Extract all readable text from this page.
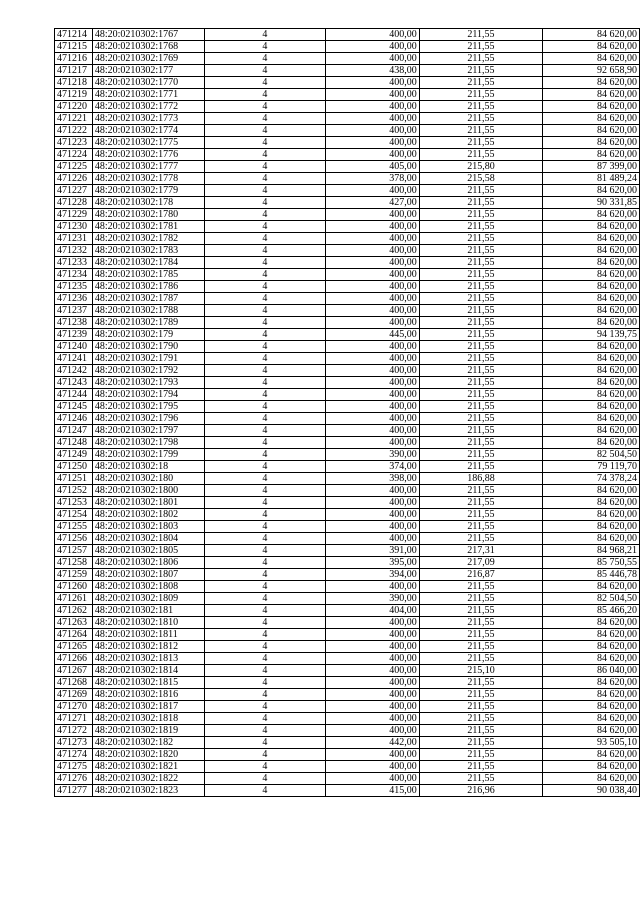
471214	48:20:0210302:1767	4	400,00	211,55	84 620,00
471215	48:20:0210302:1768	4	400,00	211,55	84 620,00
471216	48:20:0210302:1769	4	400,00	211,55	84 620,00
471217	48:20:0210302:177	4	438,00	211,55	92 658,90
471218	48:20:0210302:1770	4	400,00	211,55	84 620,00
471219	48:20:0210302:1771	4	400,00	211,55	84 620,00
471220	48:20:0210302:1772	4	400,00	211,55	84 620,00
471221	48:20:0210302:1773	4	400,00	211,55	84 620,00
471222	48:20:0210302:1774	4	400,00	211,55	84 620,00
471223	48:20:0210302:1775	4	400,00	211,55	84 620,00
471224	48:20:0210302:1776	4	400,00	211,55	84 620,00
471225	48:20:0210302:1777	4	405,00	215,80	87 399,00
471226	48:20:0210302:1778	4	378,00	215,58	81 489,24
471227	48:20:0210302:1779	4	400,00	211,55	84 620,00
471228	48:20:0210302:178	4	427,00	211,55	90 331,85
471229	48:20:0210302:1780	4	400,00	211,55	84 620,00
471230	48:20:0210302:1781	4	400,00	211,55	84 620,00
471231	48:20:0210302:1782	4	400,00	211,55	84 620,00
471232	48:20:0210302:1783	4	400,00	211,55	84 620,00
471233	48:20:0210302:1784	4	400,00	211,55	84 620,00
471234	48:20:0210302:1785	4	400,00	211,55	84 620,00
471235	48:20:0210302:1786	4	400,00	211,55	84 620,00
471236	48:20:0210302:1787	4	400,00	211,55	84 620,00
471237	48:20:0210302:1788	4	400,00	211,55	84 620,00
471238	48:20:0210302:1789	4	400,00	211,55	84 620,00
471239	48:20:0210302:179	4	445,00	211,55	94 139,75
471240	48:20:0210302:1790	4	400,00	211,55	84 620,00
471241	48:20:0210302:1791	4	400,00	211,55	84 620,00
471242	48:20:0210302:1792	4	400,00	211,55	84 620,00
471243	48:20:0210302:1793	4	400,00	211,55	84 620,00
471244	48:20:0210302:1794	4	400,00	211,55	84 620,00
471245	48:20:0210302:1795	4	400,00	211,55	84 620,00
471246	48:20:0210302:1796	4	400,00	211,55	84 620,00
471247	48:20:0210302:1797	4	400,00	211,55	84 620,00
471248	48:20:0210302:1798	4	400,00	211,55	84 620,00
471249	48:20:0210302:1799	4	390,00	211,55	82 504,50
471250	48:20:0210302:18	4	374,00	211,55	79 119,70
471251	48:20:0210302:180	4	398,00	186,88	74 378,24
471252	48:20:0210302:1800	4	400,00	211,55	84 620,00
471253	48:20:0210302:1801	4	400,00	211,55	84 620,00
471254	48:20:0210302:1802	4	400,00	211,55	84 620,00
471255	48:20:0210302:1803	4	400,00	211,55	84 620,00
471256	48:20:0210302:1804	4	400,00	211,55	84 620,00
471257	48:20:0210302:1805	4	391,00	217,31	84 968,21
471258	48:20:0210302:1806	4	395,00	217,09	85 750,55
471259	48:20:0210302:1807	4	394,00	216,87	85 446,78
471260	48:20:0210302:1808	4	400,00	211,55	84 620,00
471261	48:20:0210302:1809	4	390,00	211,55	82 504,50
471262	48:20:0210302:181	4	404,00	211,55	85 466,20
471263	48:20:0210302:1810	4	400,00	211,55	84 620,00
471264	48:20:0210302:1811	4	400,00	211,55	84 620,00
471265	48:20:0210302:1812	4	400,00	211,55	84 620,00
471266	48:20:0210302:1813	4	400,00	211,55	84 620,00
471267	48:20:0210302:1814	4	400,00	215,10	86 040,00
471268	48:20:0210302:1815	4	400,00	211,55	84 620,00
471269	48:20:0210302:1816	4	400,00	211,55	84 620,00
471270	48:20:0210302:1817	4	400,00	211,55	84 620,00
471271	48:20:0210302:1818	4	400,00	211,55	84 620,00
471272	48:20:0210302:1819	4	400,00	211,55	84 620,00
471273	48:20:0210302:182	4	442,00	211,55	93 505,10
471274	48:20:0210302:1820	4	400,00	211,55	84 620,00
471275	48:20:0210302:1821	4	400,00	211,55	84 620,00
471276	48:20:0210302:1822	4	400,00	211,55	84 620,00
471277	48:20:0210302:1823	4	415,00	216,96	90 038,40
